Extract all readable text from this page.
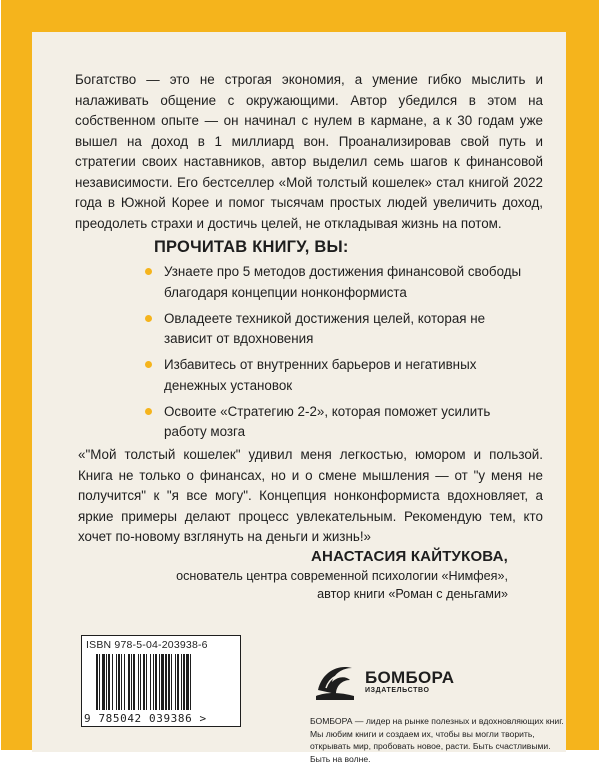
Богатство — это не строгая экономия, а умение гибко мыслить и налаживать общение с окружающими. Автор убедился в этом на собственном опыте — он начинал с нулем в кармане, а к 30 годам уже вышел на доход в 1 миллиард вон. Проанализировав свой путь и стратегии своих наставников, автор выделил семь шагов к финансовой независимости. Его бестселлер «Мой толстый кошелек» стал книгой 2022 года в Южной Корее и помог тысячам простых людей увеличить доход, преодолеть страхи и достичь целей, не откладывая жизнь на потом.

ПРОЧИТАВ КНИГУ, ВЫ:
Узнаете про 5 методов достижения финансовой свободы благодаря концепции нонконформиста
Овладеете техникой достижения целей, которая не зависит от вдохновения
Избавитесь от внутренних барьеров и негативных денежных установок
Освоите «Стратегию 2-2», которая поможет усилить работу мозга

«"Мой толстый кошелек" удивил меня легкостью, юмором и пользой. Книга не только о финансах, но и о смене мышления — от "у меня не получится" к "я все могу". Концепция нонконформиста вдохновляет, а яркие примеры делают процесс увлекательным. Рекомендую тем, кто хочет по-новому взглянуть на деньги и жизнь!»

АНАСТАСИЯ КАЙТУКОВА,
основатель центра современной психологии «Нимфея»,
автор книги «Роман с деньгами»
ISBN 978-5-04-203938-6
9 785042 039386 >
БОМБОРА
ИЗДАТЕЛЬСТВО

БОМБОРА — лидер на рынке полезных и вдохновляющих книг. Мы любим книги и создаем их, чтобы вы могли творить, открывать мир, пробовать новое, расти. Быть счастливыми. Быть на волне.
